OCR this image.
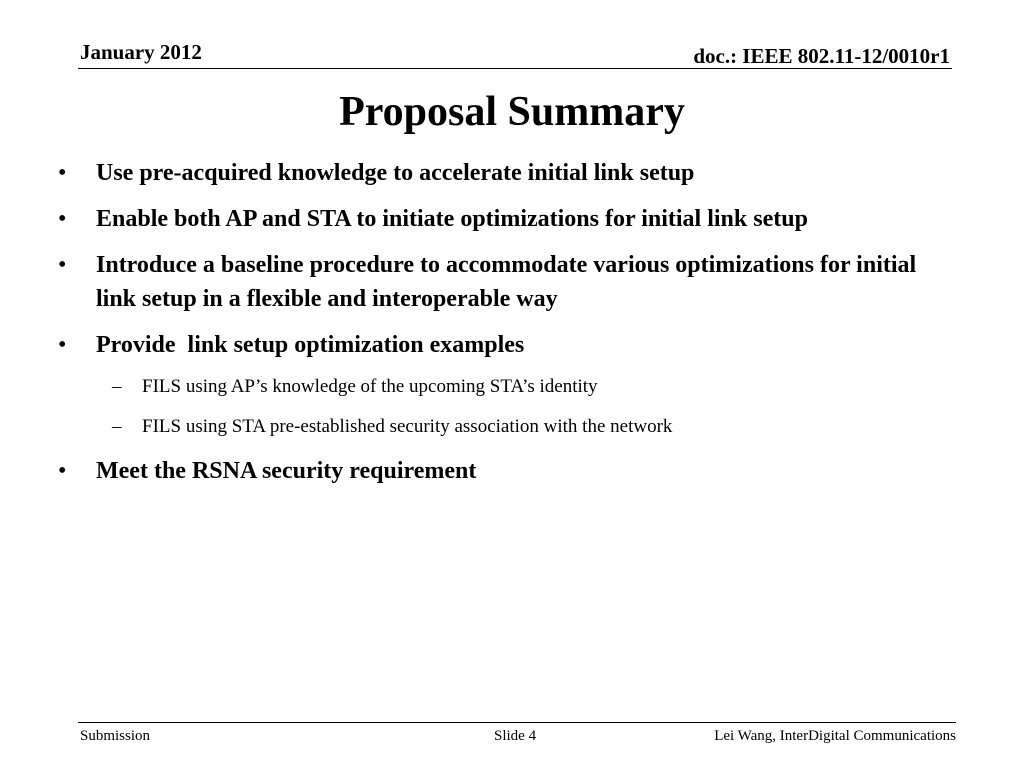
January 2012	doc.: IEEE 802.11-12/0010r1
Proposal Summary
•	Use pre-acquired knowledge to accelerate initial link setup
•	Enable both AP and STA to initiate optimizations for initial link setup
•	Introduce a baseline procedure to accommodate various optimizations for initial link setup in a flexible and interoperable way
•	Provide  link setup optimization examples
–	FILS using AP’s knowledge of the upcoming STA’s identity
–	FILS using STA pre-established security association with the network
•	Meet the RSNA security requirement
Submission	Slide 4	Lei Wang, InterDigital Communications
